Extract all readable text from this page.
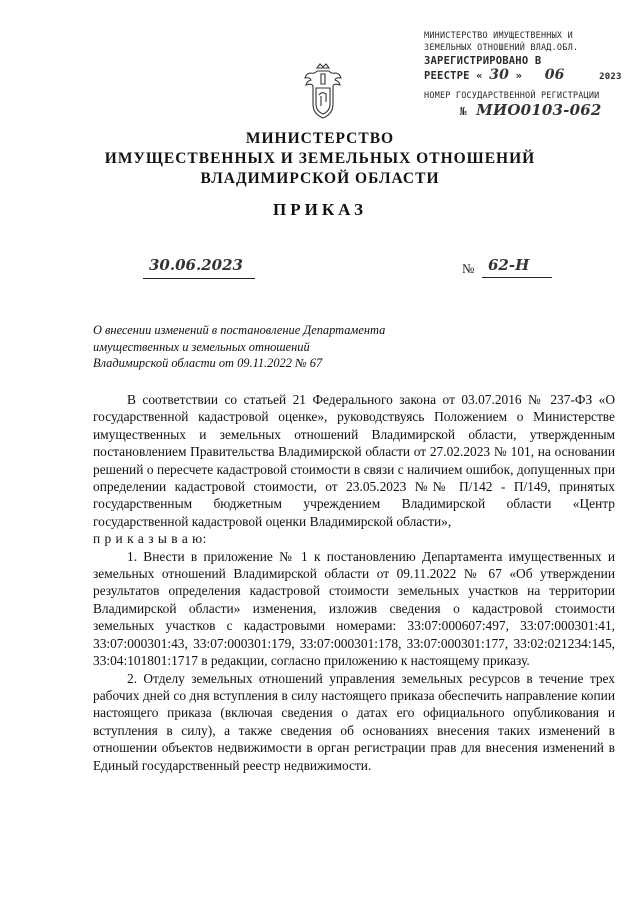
МИНИСТЕРСТВО ИМУЩЕСТВЕННЫХ И
ЗЕМЕЛЬНЫХ ОТНОШЕНИЙ ВЛАД.ОБЛ.
ЗАРЕГИСТРИРОВАНО В
РЕЕСТРЕ « 30 » 06	2023
НОМЕР ГОСУДАРСТВЕННОЙ РЕГИСТРАЦИИ
№ МИО0103-062
МИНИСТЕРСТВО
ИМУЩЕСТВЕННЫХ И ЗЕМЕЛЬНЫХ ОТНОШЕНИЙ
ВЛАДИМИРСКОЙ ОБЛАСТИ
ПРИКАЗ
30.06.2023	№ 62-Н
О внесении изменений в постановление Департамента
имущественных и земельных отношений
Владимирской области от 09.11.2022 № 67

В соответствии со статьей 21 Федерального закона от 03.07.2016 № 237-ФЗ «О государственной кадастровой оценке», руководствуясь Положением о Министерстве имущественных и земельных отношений Владимирской области, утвержденным постановлением Правительства Владимирской области от 27.02.2023 № 101, на основании решений о пересчете кадастровой стоимости в связи с наличием ошибок, допущенных при определении кадастровой стоимости, от 23.05.2023 №№ П/142 - П/149, принятых государственным бюджетным учреждением Владимирской области «Центр государственной кадастровой оценки Владимирской области»,

п р и к а з ы в а ю:

1. Внести в приложение № 1 к постановлению Департамента имущественных и земельных отношений Владимирской области от 09.11.2022 № 67 «Об утверждении результатов определения кадастровой стоимости земельных участков на территории Владимирской области» изменения, изложив сведения о кадастровой стоимости земельных участков с кадастровыми номерами: 33:07:000607:497, 33:07:000301:41, 33:07:000301:43, 33:07:000301:179, 33:07:000301:178, 33:07:000301:177, 33:02:021234:145, 33:04:101801:1717 в редакции, согласно приложению к настоящему приказу.

2. Отделу земельных отношений управления земельных ресурсов в течение трех рабочих дней со дня вступления в силу настоящего приказа обеспечить направление копии настоящего приказа (включая сведения о датах его официального опубликования и вступления в силу), а также сведения об основаниях внесения таких изменений в отношении объектов недвижимости в орган регистрации прав для внесения изменений в Единый государственный реестр недвижимости.
